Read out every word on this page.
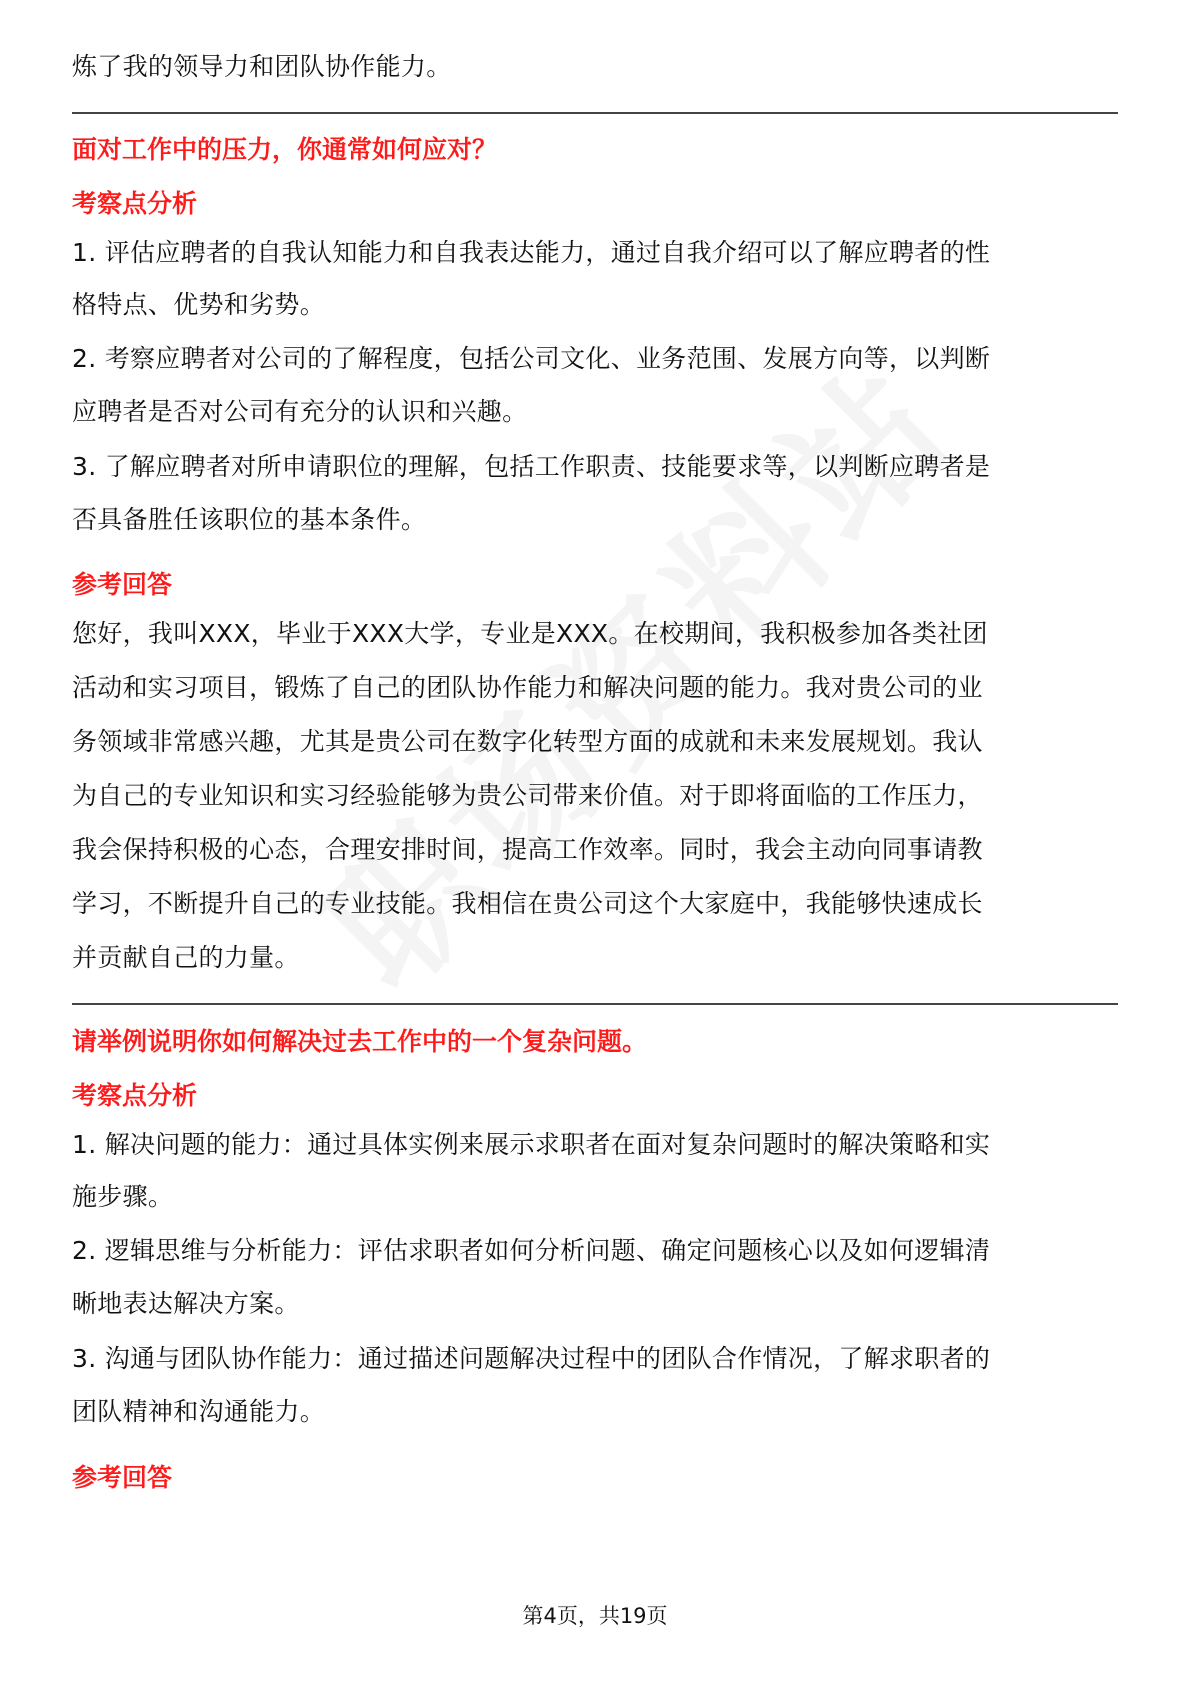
炼了我的领导力和团队协作能力。

面对工作中的压力，你通常如何应对？

考察点分析

1. 评估应聘者的自我认知能力和自我表达能力，通过自我介绍可以了解应聘者的性

格特点、优势和劣势。

2. 考察应聘者对公司的了解程度，包括公司文化、业务范围、发展方向等，以判断

应聘者是否对公司有充分的认识和兴趣。

3. 了解应聘者对所申请职位的理解，包括工作职责、技能要求等，以判断应聘者是

否具备胜任该职位的基本条件。

参考回答

您好，我叫XXX，毕业于XXX大学，专业是XXX。在校期间，我积极参加各类社团

活动和实习项目，锻炼了自己的团队协作能力和解决问题的能力。我对贵公司的业

务领域非常感兴趣，尤其是贵公司在数字化转型方面的成就和未来发展规划。我认

为自己的专业知识和实习经验能够为贵公司带来价值。对于即将面临的工作压力，

我会保持积极的心态，合理安排时间，提高工作效率。同时，我会主动向同事请教

学习，不断提升自己的专业技能。我相信在贵公司这个大家庭中，我能够快速成长

并贡献自己的力量。

请举例说明你如何解决过去工作中的一个复杂问题。

考察点分析

1. 解决问题的能力：通过具体实例来展示求职者在面对复杂问题时的解决策略和实

施步骤。

2. 逻辑思维与分析能力：评估求职者如何分析问题、确定问题核心以及如何逻辑清

晰地表达解决方案。

3. 沟通与团队协作能力：通过描述问题解决过程中的团队合作情况，了解求职者的

团队精神和沟通能力。

参考回答

第4页，共19页
